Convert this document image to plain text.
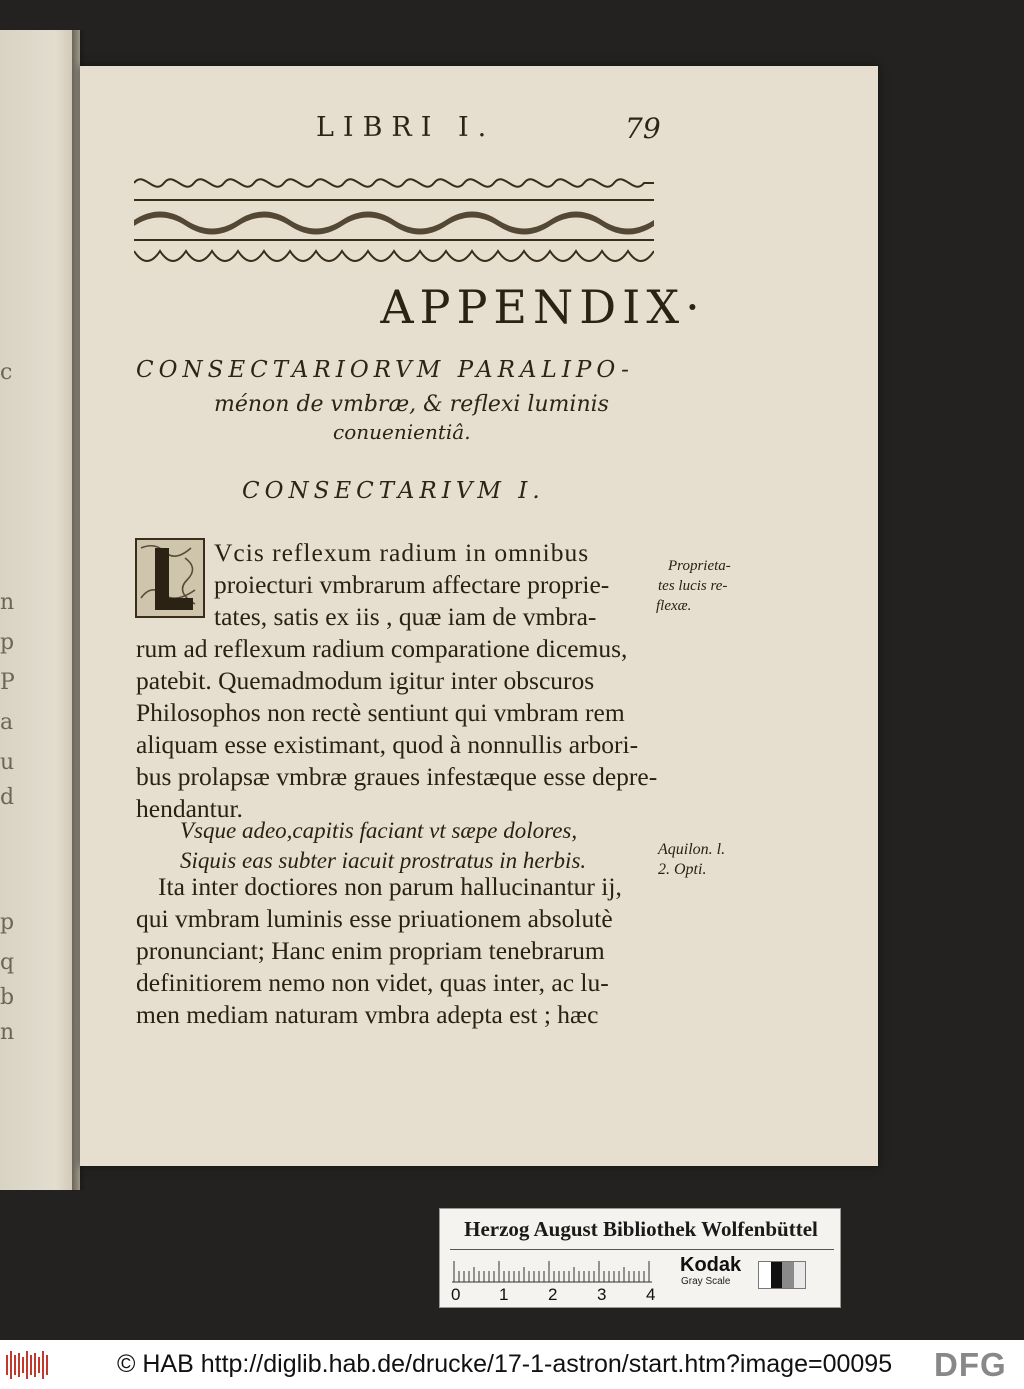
c
n
p
P
a
u
d
p
q
b
n
LIBRI I.	79
APPENDIX·
CONSECTARIORVM PARALIPO-
ménon de vmbræ, & reflexi luminis
conuenientiâ.
CONSECTARIVM I.
Vcis reflexum radium in omnibus
proiecturi vmbrarum affectare proprie-
tates, satis ex iis , quæ iam de vmbra-
rum ad reflexum radium comparatione dicemus,
patebit. Quemadmodum igitur inter obscuros
Philosophos non rectè sentiunt qui vmbram rem
aliquam esse existimant, quod à nonnullis arbori-
bus prolapsæ vmbræ graues infestæque esse depre-
hendantur.
Vsque adeo,capitis faciant vt sæpe dolores,
Siquis eas subter iacuit prostratus in herbis.
Ita inter doctiores non parum hallucinantur ij,
qui vmbram luminis esse priuationem absolutè
pronunciant; Hanc enim propriam tenebrarum
definitiorem nemo non videt, quas inter, ac lu-
men mediam naturam vmbra adepta est ; hæc
Proprieta-
tes lucis re-
flexæ.
Aquilon. l.
2. Opti.
Herzog August Bibliothek Wolfenbüttel
0 1 2 3 4
Kodak
Gray Scale
© HAB http://diglib.hab.de/drucke/17-1-astron/start.htm?image=00095 DFG
